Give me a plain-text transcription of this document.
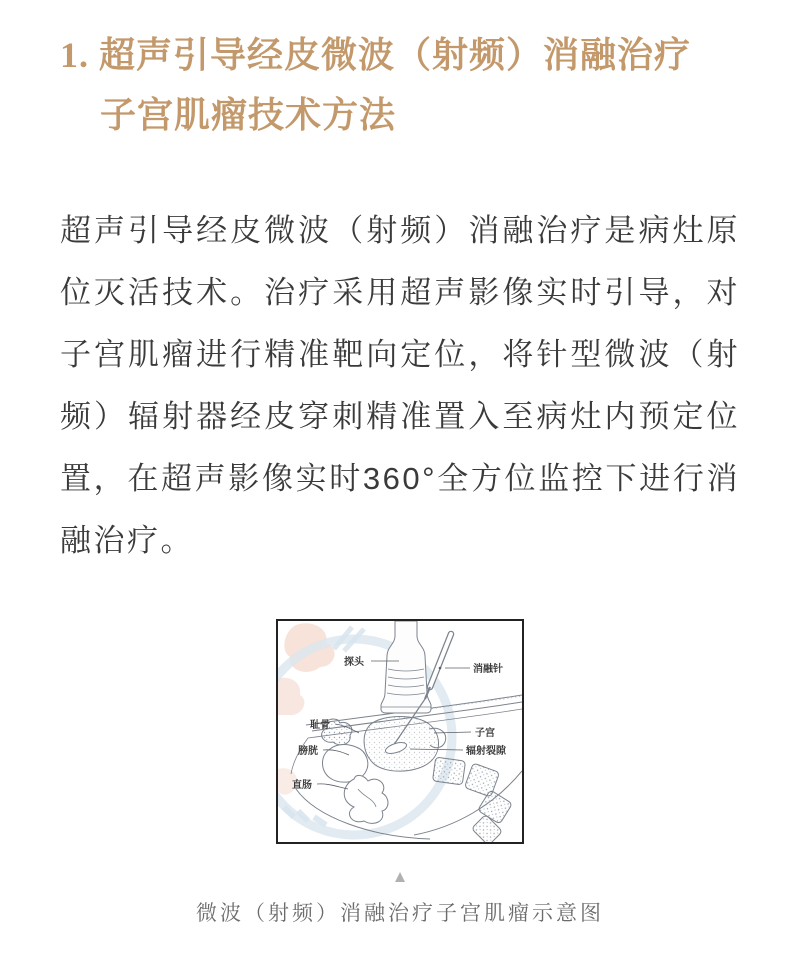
1. 超声引导经皮微波（射频）消融治疗
子宫肌瘤技术方法
超声引导经皮微波（射频）消融治疗是病灶原
位灭活技术。治疗采用超声影像实时引导，对
子宫肌瘤进行精准靶向定位，将针型微波（射
频）辐射器经皮穿刺精准置入至病灶内预定位
置，在超声影像实时360°全方位监控下进行消
融治疗。
探头
消融针
耻骨
子宫
膀胱	辐射裂隙
直肠
▲
微波（射频）消融治疗子宫肌瘤示意图
